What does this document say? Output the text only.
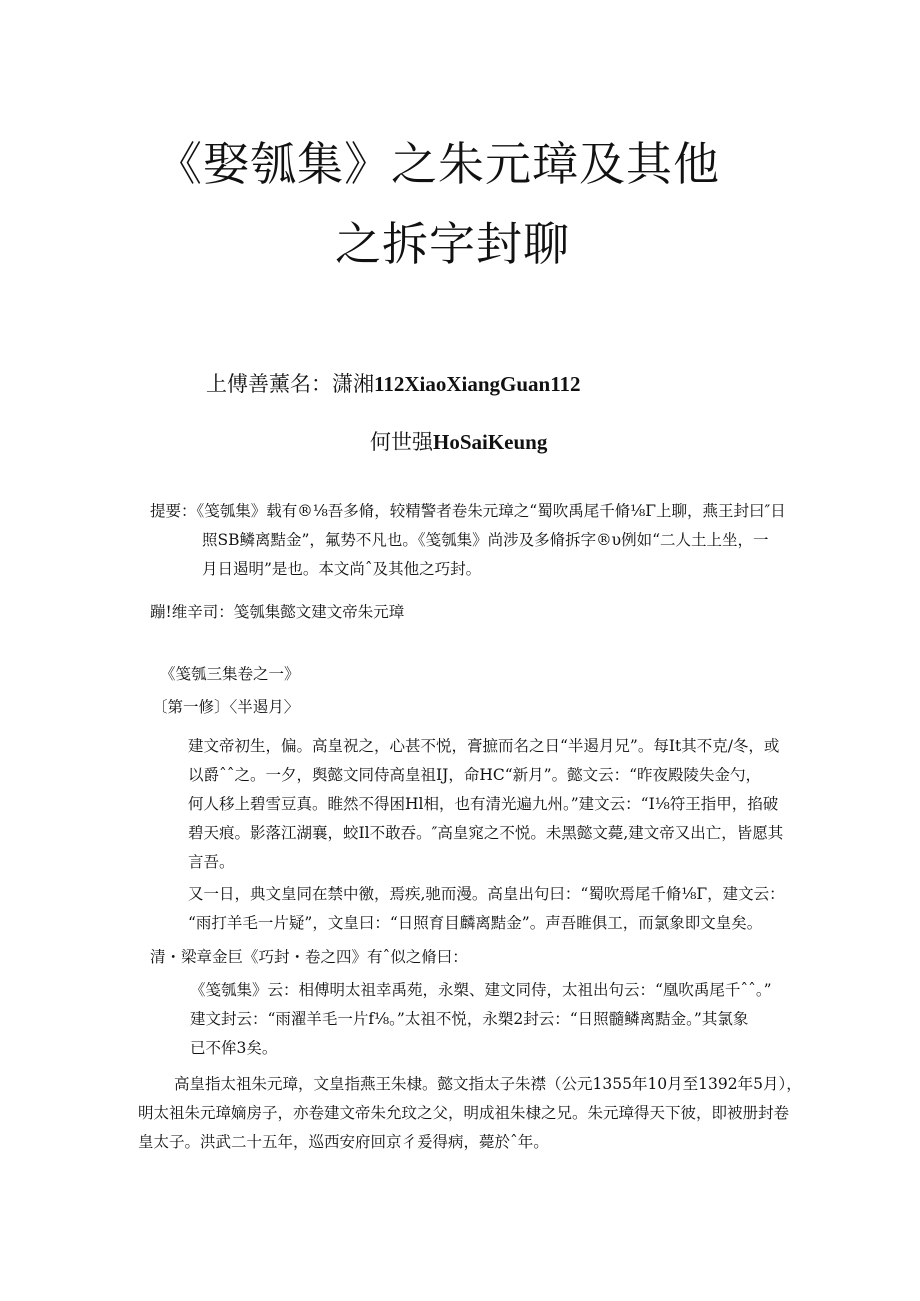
《娶瓠集》之朱元璋及其他
之拆字封聊
上傅善薰名：潇湘112XiaoXiangGuan112
何世强HoSaiKeung
提要：《笺瓠集》载有®⅛吾多脩，较精警者卷朱元璋之“蜀吹禹尾千脩⅛Γ上聊，燕王封曰″日
照SB鳞离黠金”，氟势不凡也。《笺瓠集》尚涉及多脩拆字®υ例如“二人土上坐，一
月日遏明”是也。本文尚ˆ及其他之巧封。
蹦!维辛司：笺瓠集懿文建文帝朱元璋
《笺瓠三集卷之一》
〔第一修〕〈半遏月〉
建文帝初生，偏。高皇祝之，心甚不悦，膏摭而名之日“半遏月兄”。每It其不克/冬，或
以爵ˆˆ之。一夕，舆懿文同侍高皇祖IJ，命HC“新月”。懿文云：“昨夜殿陵失金勺，
何人移上碧雪豆真。睢然不得困Hl相，也有清光遍九州。”建文云：“I⅛符王指甲，掐破
碧天痕。影落江湖襄，蛟Il不敢吞。″高皇窕之不悦。未黑懿文薨,建文帝又出亡，皆愿其
言吾。
又一日，典文皇同在禁中徼，焉疾,驰而漫。高皇出句曰：“蜀吹焉尾千脩⅛Γ，建文云：
“雨打羊毛一片疑”，文皇曰：“日照育目麟离黠金”。声吾睢俱工，而氯象即文皇矣。
清・梁章金巨《巧封・卷之四》有ˆ似之脩曰：
《笺瓠集》云：相傅明太祖幸禹苑，永槊、建文同侍，太祖出句云：“凰吹禹尾千ˆˆ。”
建文封云：“雨濯羊毛一片f⅛。”太祖不悦，永槊2封云：“日照髓鳞离黠金。”其氯象
已不侔3矣。
高皇指太祖朱元璋，文皇指燕王朱棣。懿文指太子朱襟（公元1355年10月至1392年5月），
明太祖朱元璋嫡房子，亦卷建文帝朱允玟之父，明成祖朱棣之兄。朱元璋得天下彼，即被册封卷
皇太子。洪武二十五年，巡西安府回京彳爰得病，薨於ˆ年。
